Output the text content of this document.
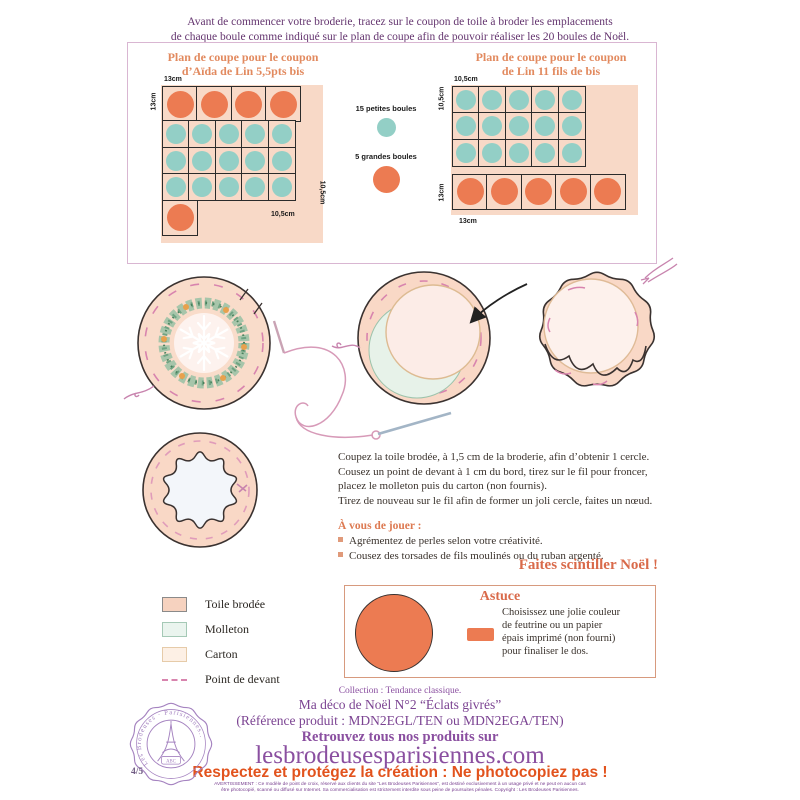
Avant de commencer votre broderie, tracez sur le coupon de toile à broder les emplacements
de chaque boule comme indiqué sur le plan de coupe afin de pouvoir réaliser les 20 boules de Noël.
Plan de coupe pour le coupon
d’Aïda de Lin 5,5pts bis
Plan de coupe pour le coupon
de Lin 11 fils de bis
13cm
13cm
10,5cm
10,5cm
10,5cm
10,5cm
13cm
13cm
15 petites boules
5 grandes boules
Coupez la toile brodée, à 1,5 cm de la broderie, afin d’obtenir 1 cercle.
Cousez un point de devant à 1 cm du bord, tirez sur le fil pour froncer,
placez le molleton puis du carton (non fournis).
Tirez de nouveau sur le fil afin de former un joli cercle, faites un nœud.
À vous de jouer :
Agrémentez de perles selon votre créativité.
Cousez des torsades de fils moulinés ou du ruban argenté.
Faites scintiller Noël !
Toile brodée
Molleton
Carton
Point de devant
Astuce
Choisissez une jolie couleur
de feutrine ou un papier
épais imprimé (non fourni)
pour finaliser le dos.
Collection : Tendance classique.
Ma déco de Noël N°2 “Éclats givrés”
(Référence produit : MDN2EGL/TEN ou MDN2EGA/TEN)
Retrouvez tous nos produits sur
lesbrodeusesparisiennes.com
Respectez et protégez la création : Ne photocopiez pas !
AVERTISSEMENT : Ce modèle de point de croix, réservé aux clients du site “Les Brodeuses Parisiennes”, est destiné exclusivement à un usage privé et ne peut en aucun cas
être photocopié, scanné ou diffusé sur Internet. Sa commercialisation est strictement interdite sous peine de poursuites pénales. Copyright : Les Brodeuses Parisiennes.
Les Brodeuses · Parisiennes..
ABC
4/5
